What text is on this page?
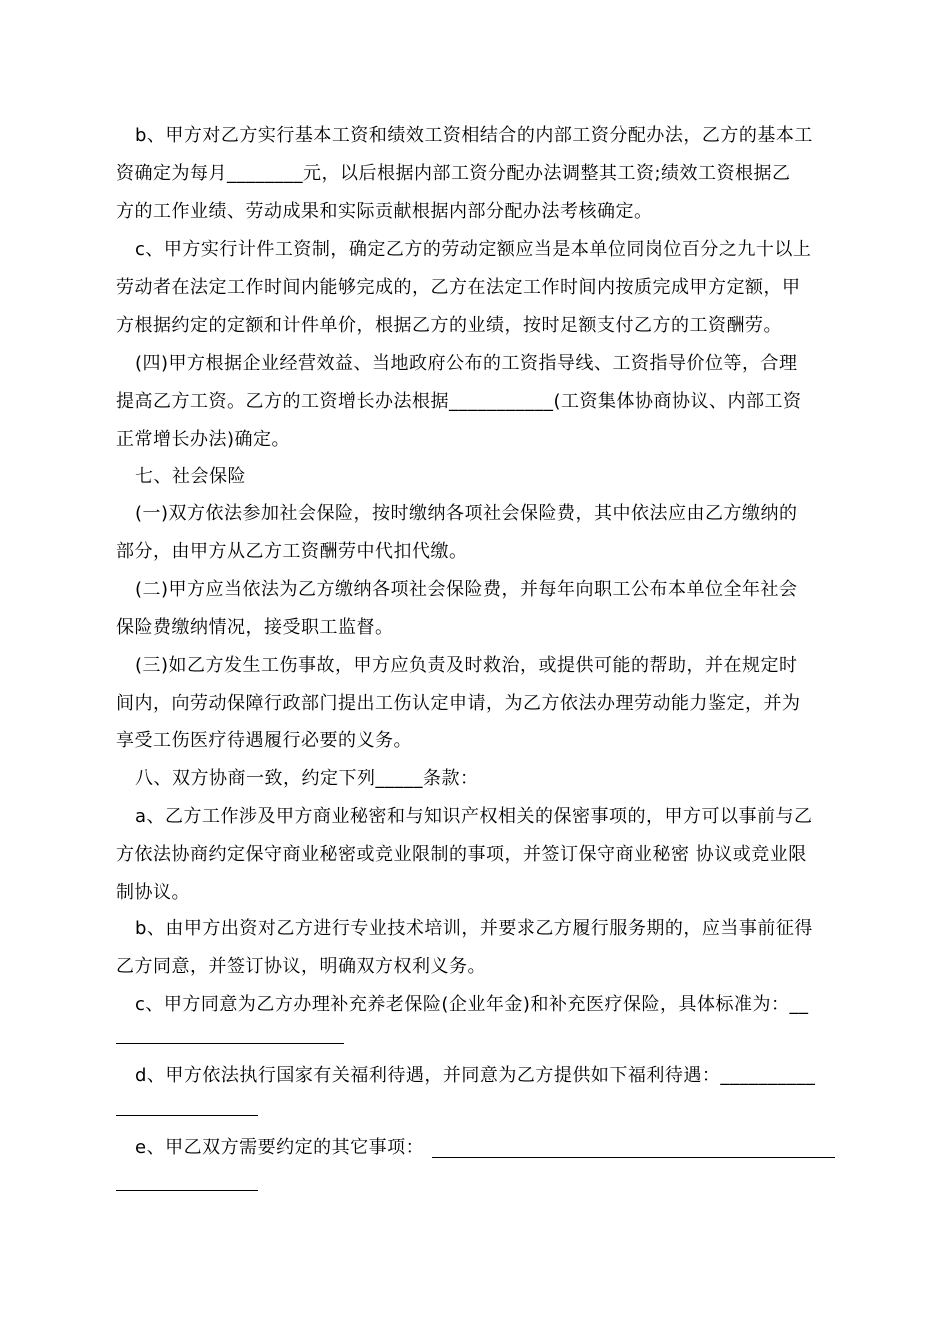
b、甲方对乙方实行基本工资和绩效工资相结合的内部工资分配办法，乙方的基本工
资确定为每月________元，以后根据内部工资分配办法调整其工资;绩效工资根据乙
方的工作业绩、劳动成果和实际贡献根据内部分配办法考核确定。
c、甲方实行计件工资制，确定乙方的劳动定额应当是本单位同岗位百分之九十以上
劳动者在法定工作时间内能够完成的，乙方在法定工作时间内按质完成甲方定额，甲
方根据约定的定额和计件单价，根据乙方的业绩，按时足额支付乙方的工资酬劳。
(四)甲方根据企业经营效益、当地政府公布的工资指导线、工资指导价位等，合理
提高乙方工资。乙方的工资增长办法根据___________(工资集体协商协议、内部工资
正常增长办法)确定。
七、社会保险
(一)双方依法参加社会保险，按时缴纳各项社会保险费，其中依法应由乙方缴纳的
部分，由甲方从乙方工资酬劳中代扣代缴。
(二)甲方应当依法为乙方缴纳各项社会保险费，并每年向职工公布本单位全年社会
保险费缴纳情况，接受职工监督。
(三)如乙方发生工伤事故，甲方应负责及时救治，或提供可能的帮助，并在规定时
间内，向劳动保障行政部门提出工伤认定申请，为乙方依法办理劳动能力鉴定，并为
享受工伤医疗待遇履行必要的义务。
八、双方协商一致，约定下列_____条款：
a、乙方工作涉及甲方商业秘密和与知识产权相关的保密事项的，甲方可以事前与乙
方依法协商约定保守商业秘密或竞业限制的事项，并签订保守商业秘密 协议或竞业限
制协议。
b、由甲方出资对乙方进行专业技术培训，并要求乙方履行服务期的，应当事前征得
乙方同意，并签订协议，明确双方权利义务。
c、甲方同意为乙方办理补充养老保险(企业年金)和补充医疗保险，具体标准为：__
d、甲方依法执行国家有关福利待遇，并同意为乙方提供如下福利待遇：__________
e、甲乙双方需要约定的其它事项：
